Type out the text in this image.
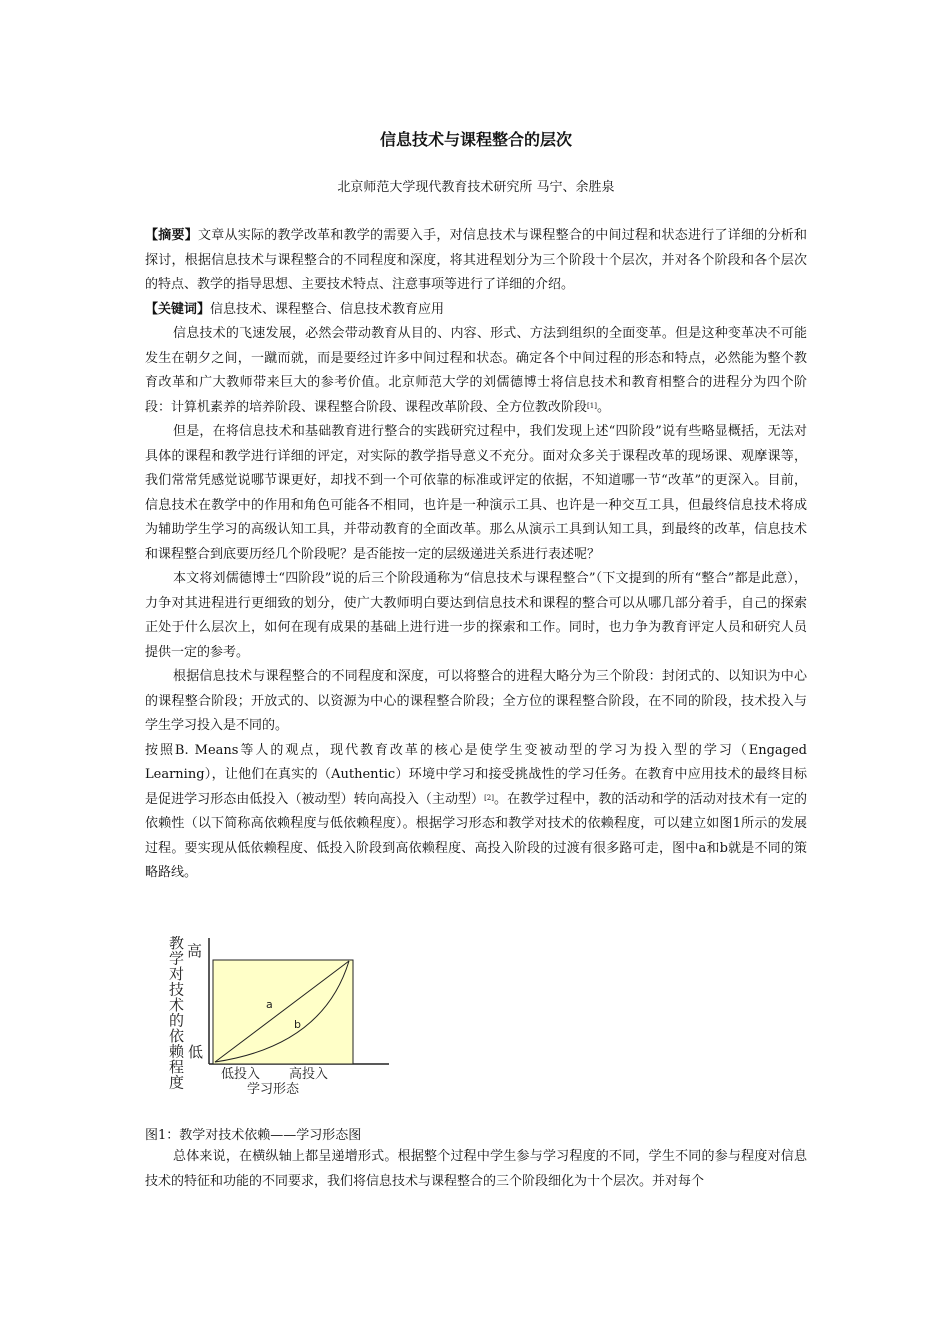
信息技术与课程整合的层次
北京师范大学现代教育技术研究所 马宁、余胜泉

【摘要】文章从实际的教学改革和教学的需要入手，对信息技术与课程整合的中间过程和状态进行了详细的分析和探讨，根据信息技术与课程整合的不同程度和深度，将其进程划分为三个阶段十个层次，并对各个阶段和各个层次的特点、教学的指导思想、主要技术特点、注意事项等进行了详细的介绍。

【关键词】信息技术、课程整合、信息技术教育应用

信息技术的飞速发展，必然会带动教育从目的、内容、形式、方法到组织的全面变革。但是这种变革决不可能发生在朝夕之间，一蹴而就，而是要经过许多中间过程和状态。确定各个中间过程的形态和特点，必然能为整个教育改革和广大教师带来巨大的参考价值。北京师范大学的刘儒德博士将信息技术和教育相整合的进程分为四个阶段：计算机素养的培养阶段、课程整合阶段、课程改革阶段、全方位教改阶段[1]。

但是，在将信息技术和基础教育进行整合的实践研究过程中，我们发现上述“四阶段”说有些略显概括，无法对具体的课程和教学进行详细的评定，对实际的教学指导意义不充分。面对众多关于课程改革的现场课、观摩课等，我们常常凭感觉说哪节课更好，却找不到一个可依靠的标准或评定的依据，不知道哪一节“改革”的更深入。目前，信息技术在教学中的作用和角色可能各不相同，也许是一种演示工具、也许是一种交互工具，但最终信息技术将成为辅助学生学习的高级认知工具，并带动教育的全面改革。那么从演示工具到认知工具，到最终的改革，信息技术和课程整合到底要历经几个阶段呢？是否能按一定的层级递进关系进行表述呢？

本文将刘儒德博士“四阶段”说的后三个阶段通称为“信息技术与课程整合”（下文提到的所有“整合”都是此意），力争对其进程进行更细致的划分，使广大教师明白要达到信息技术和课程的整合可以从哪几部分着手，自己的探索正处于什么层次上，如何在现有成果的基础上进行进一步的探索和工作。同时，也力争为教育评定人员和研究人员提供一定的参考。

根据信息技术与课程整合的不同程度和深度，可以将整合的进程大略分为三个阶段：封闭式的、以知识为中心的课程整合阶段；开放式的、以资源为中心的课程整合阶段；全方位的课程整合阶段，在不同的阶段，技术投入与学生学习投入是不同的。

按照B. Means等人的观点，现代教育改革的核心是使学生变被动型的学习为投入型的学习（Engaged Learning），让他们在真实的（Authentic）环境中学习和接受挑战性的学习任务。在教育中应用技术的最终目标是促进学习形态由低投入（被动型）转向高投入（主动型）[2]。在教学过程中，教的活动和学的活动对技术有一定的依赖性（以下简称高依赖程度与低依赖程度）。根据学习形态和教学对技术的依赖程度，可以建立如图1所示的发展过程。要实现从低依赖程度、低投入阶段到高依赖程度、高投入阶段的过渡有很多路可走，图中a和b就是不同的策略路线。

教学对技术的依赖程度
高
低
a
b
低投入 高投入
学习形态
图1：教学对技术依赖——学习形态图

总体来说，在横纵轴上都呈递增形式。根据整个过程中学生参与学习程度的不同，学生不同的参与程度对信息技术的特征和功能的不同要求，我们将信息技术与课程整合的三个阶段细化为十个层次。并对每个
